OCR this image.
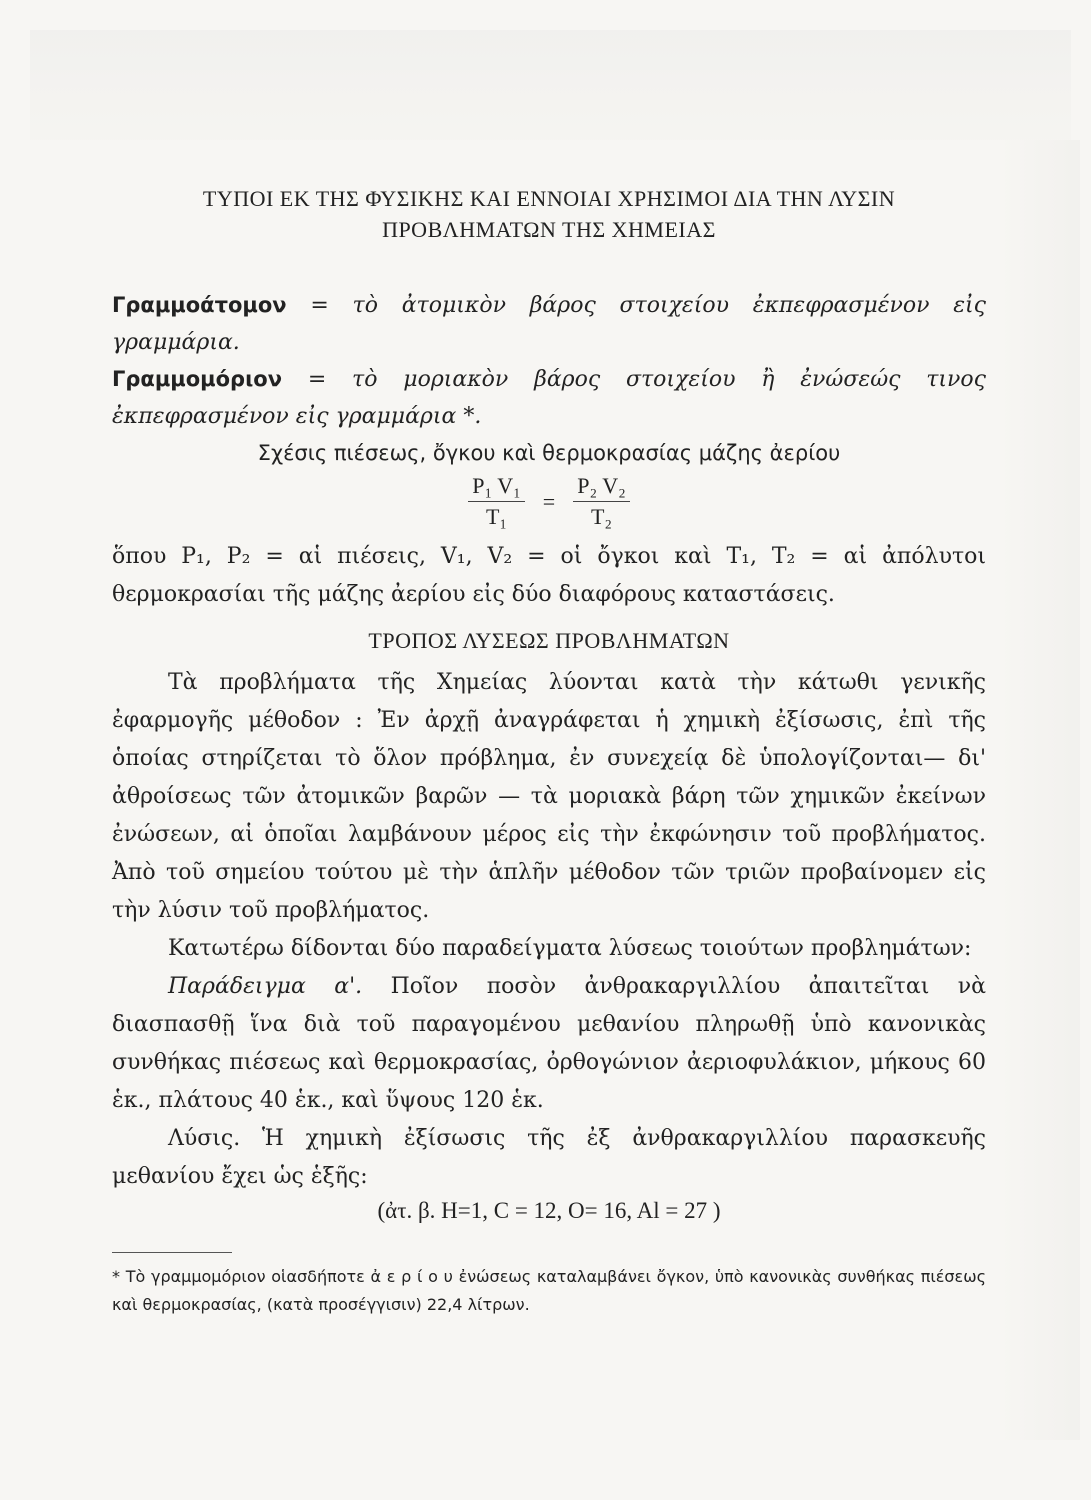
ΤΥΠΟΙ ΕΚ ΤΗΣ ΦΥΣΙΚΗΣ ΚΑΙ ΕΝΝΟΙΑΙ ΧΡΗΣΙΜΟΙ ΔΙΑ ΤΗΝ ΛΥΣΙΝ

ΠΡΟΒΛΗΜΑΤΩΝ ΤΗΣ ΧΗΜΕΙΑΣ

Γραμμοάτομον = τὸ ἀτομικὸν βάρος στοιχείου ἐκπεφρασμένον εἰς γραμμάρια.

Γραμμομόριον = τὸ μοριακὸν βάρος στοιχείου ἢ ἐνώσεώς τινος ἐκπεφρασμένον εἰς γραμμάρια *.

Σχέσις πιέσεως, ὄγκου καὶ θερμοκρασίας μάζης ἀερίου

$\frac{\text{P₁ V₁}}{\text{T₁}} = \frac{\text{P₂ V₂}}{\text{T₂}}$

ὅπου P₁, P₂ = αἱ πιέσεις, V₁, V₂ = οἱ ὄγκοι καὶ T₁, T₂ = αἱ ἀπόλυτοι θερμοκρασίαι τῆς μάζης ἀερίου εἰς δύο διαφόρους καταστάσεις.

ΤΡΟΠΟΣ ΛΥΣΕΩΣ ΠΡΟΒΛΗΜΑΤΩΝ

Τὰ προβλήματα τῆς Χημείας λύονται κατὰ τὴν κάτωθι γενικῆς ἐφαρμογῆς μέθοδον : Ἐν ἀρχῇ ἀναγράφεται ἡ χημικὴ ἐξίσωσις, ἐπὶ τῆς ὁποίας στηρίζεται τὸ ὅλον πρόβλημα, ἐν συνεχείᾳ δὲ ὑπολογίζονται— δι' ἀθροίσεως τῶν ἀτομικῶν βαρῶν — τὰ μοριακὰ βάρη τῶν χημικῶν ἐκείνων ἐνώσεων, αἱ ὁποῖαι λαμβάνουν μέρος εἰς τὴν ἐκφώνησιν τοῦ προβλήματος. Ἀπὸ τοῦ σημείου τούτου μὲ τὴν ἁπλῆν μέθοδον τῶν τριῶν προβαίνομεν εἰς τὴν λύσιν τοῦ προβλήματος.

Κατωτέρω δίδονται δύο παραδείγματα λύσεως τοιούτων προβλημάτων:

Παράδειγμα α'. Ποῖον ποσὸν ἀνθρακαργιλλίου ἀπαιτεῖται νὰ διασπασθῇ ἵνα διὰ τοῦ παραγομένου μεθανίου πληρωθῇ ὑπὸ κανονικὰς συνθήκας πιέσεως καὶ θερμοκρασίας, ὀρθογώνιον ἀεριοφυλάκιον, μήκους 60 ἑκ., πλάτους 40 ἑκ., καὶ ὕψους 120 ἑκ.

Λύσις. Ἡ χημικὴ ἐξίσωσις τῆς ἐξ ἀνθρακαργιλλίου παρασκευῆς μεθανίου ἔχει ὡς ἑξῆς:

(ἀτ. β. H=1, C = 12, O= 16, Al = 27 )

* Τὸ γραμμομόριον οἱασδήποτε ἀ ε ρ ί ο υ ἐνώσεως καταλαμβάνει ὄγκον, ὑπὸ κανονικὰς συνθήκας πιέσεως καὶ θερμοκρασίας, (κατὰ προσέγγισιν) 22,4 λίτρων.
